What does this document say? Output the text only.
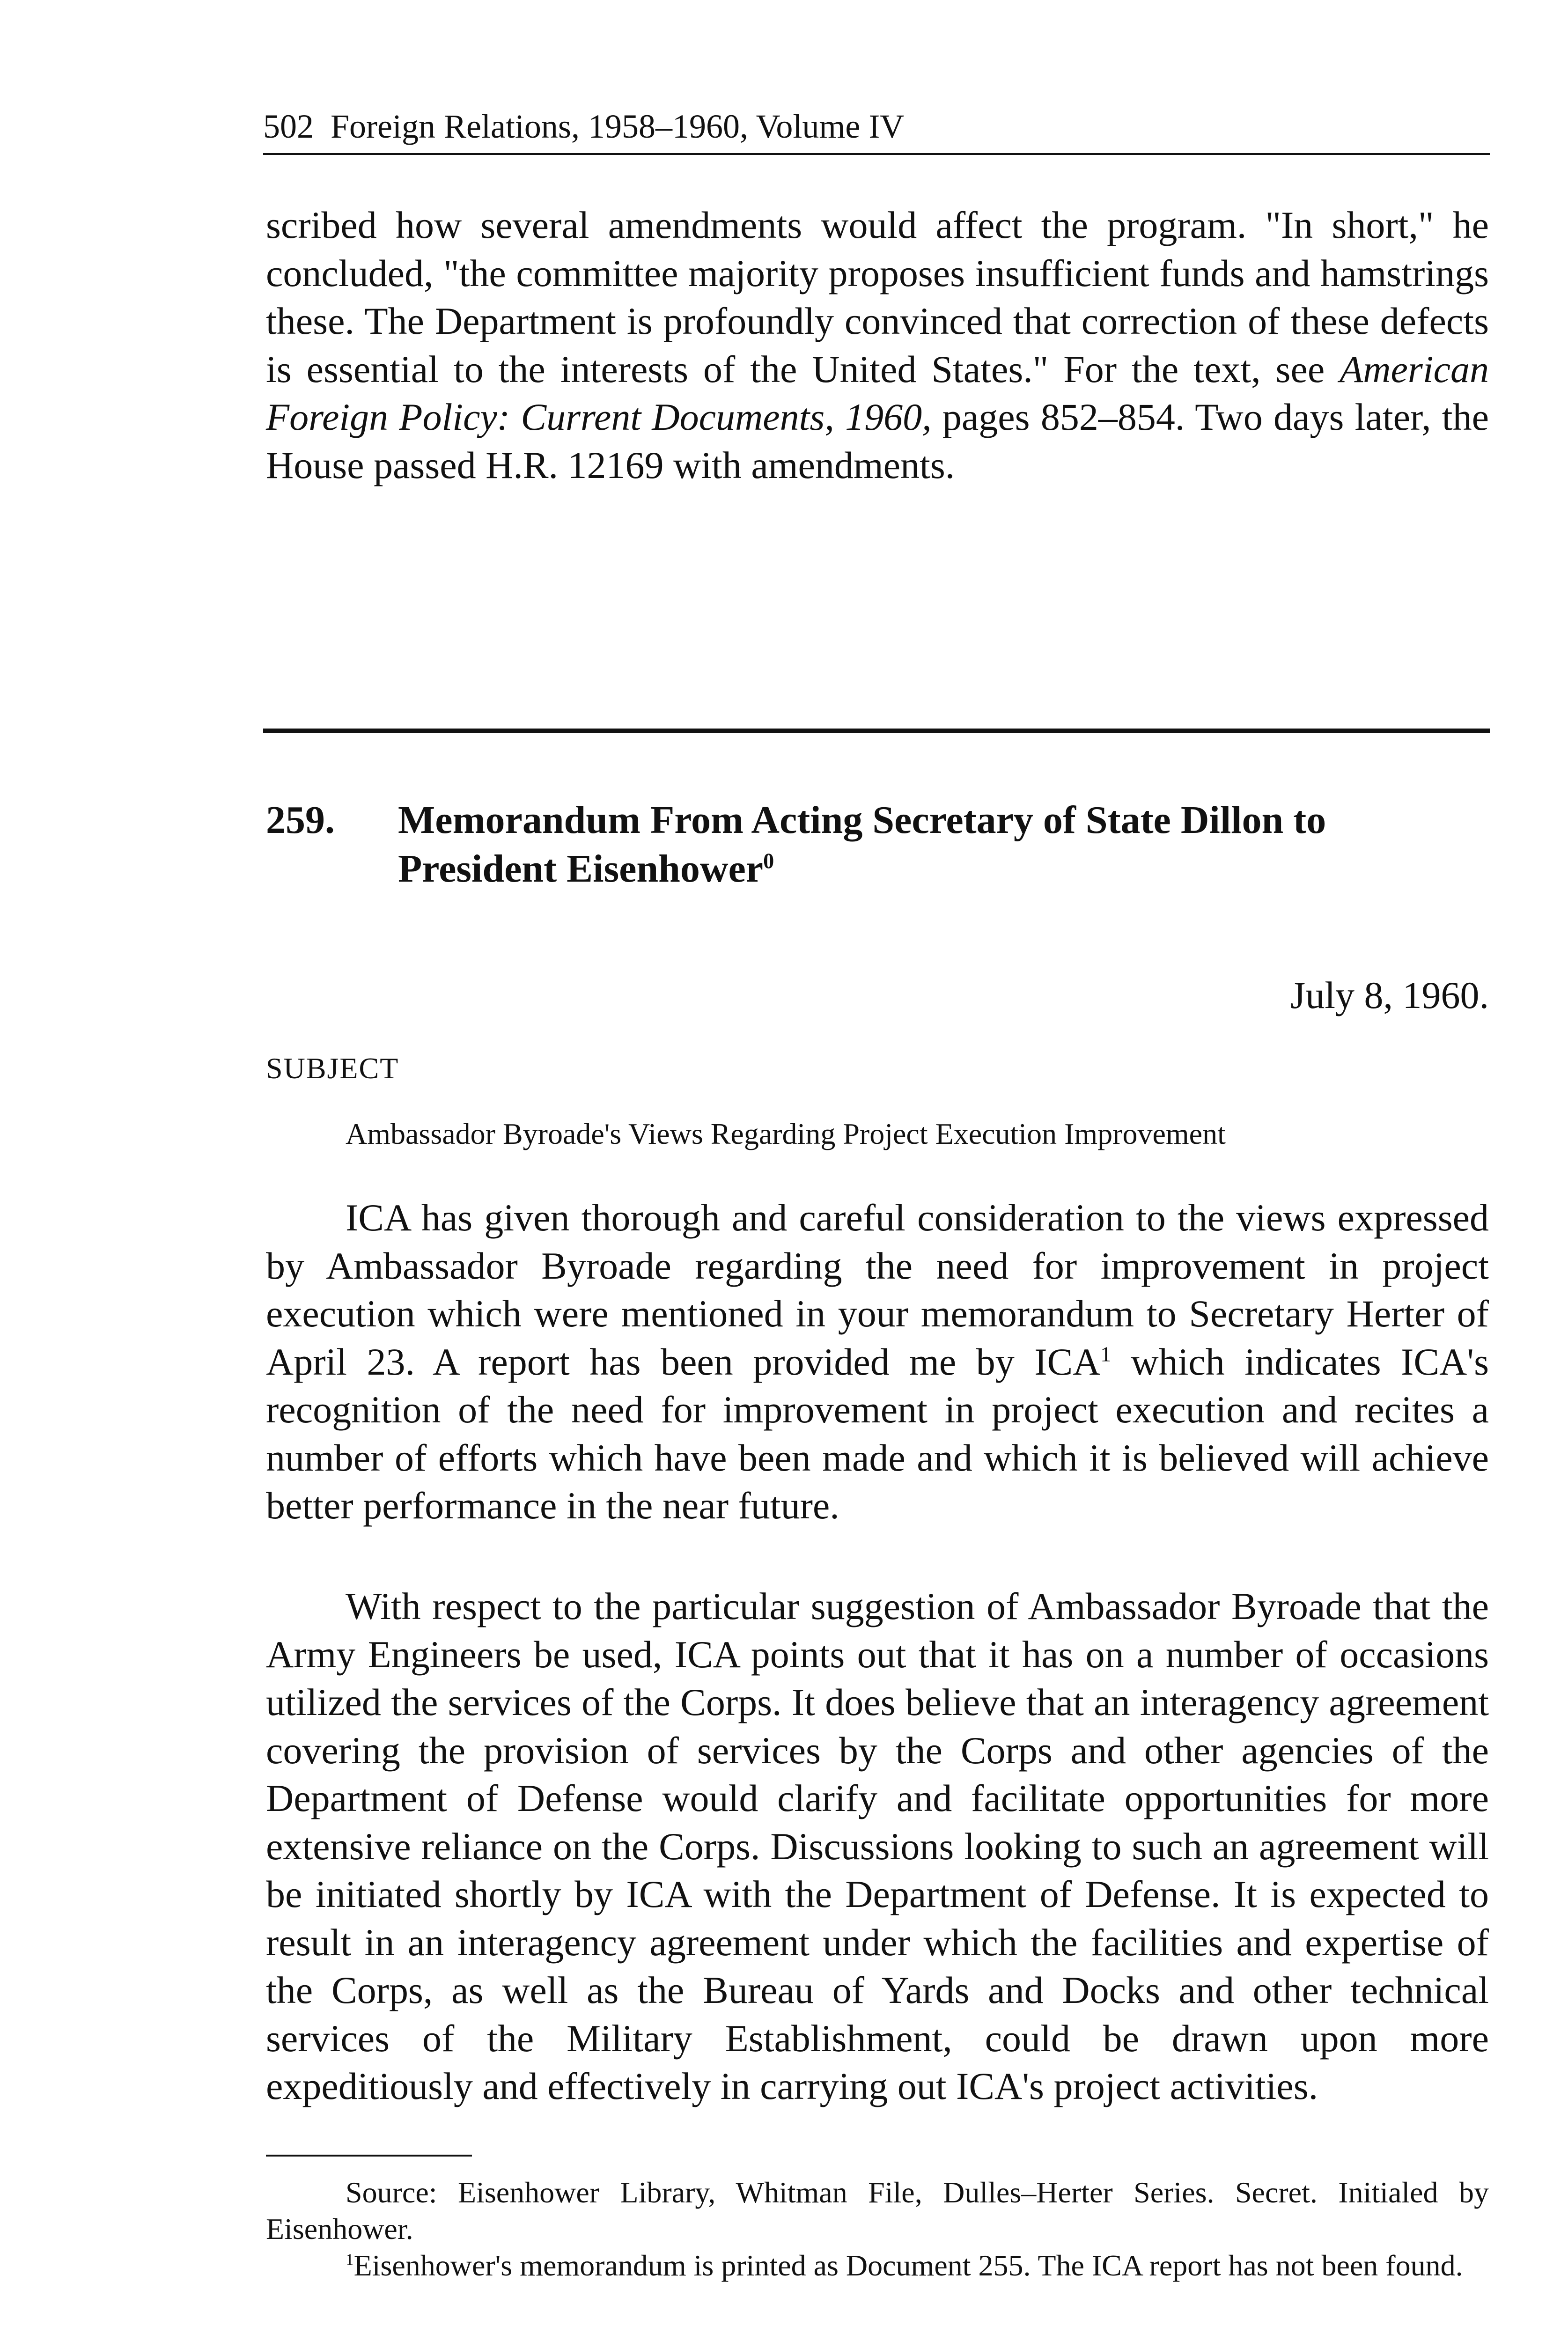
502 Foreign Relations, 1958–1960, Volume IV

scribed how several amendments would affect the program. "In short," he concluded, "the committee majority proposes insufficient funds and hamstrings these. The Department is profoundly convinced that correction of these defects is essential to the interests of the United States." For the text, see American Foreign Policy: Current Documents, 1960, pages 852–854. Two days later, the House passed H.R. 12169 with amendments.

259. Memorandum From Acting Secretary of State Dillon to President Eisenhower$^0$

July 8, 1960.
SUBJECT
Ambassador Byroade's Views Regarding Project Execution Improvement

ICA has given thorough and careful consideration to the views expressed by Ambassador Byroade regarding the need for improvement in project execution which were mentioned in your memorandum to Secretary Herter of April 23. A report has been provided me by ICA$^1$ which indicates ICA's recognition of the need for improvement in project execution and recites a number of efforts which have been made and which it is believed will achieve better performance in the near future.

With respect to the particular suggestion of Ambassador Byroade that the Army Engineers be used, ICA points out that it has on a number of occasions utilized the services of the Corps. It does believe that an interagency agreement covering the provision of services by the Corps and other agencies of the Department of Defense would clarify and facilitate opportunities for more extensive reliance on the Corps. Discussions looking to such an agreement will be initiated shortly by ICA with the Department of Defense. It is expected to result in an interagency agreement under which the facilities and expertise of the Corps, as well as the Bureau of Yards and Docks and other technical services of the Military Establishment, could be drawn upon more expeditiously and effectively in carrying out ICA's project activities.

Source: Eisenhower Library, Whitman File, Dulles–Herter Series. Secret. Initialed by Eisenhower.

$^1$Eisenhower's memorandum is printed as Document 255. The ICA report has not been found.
